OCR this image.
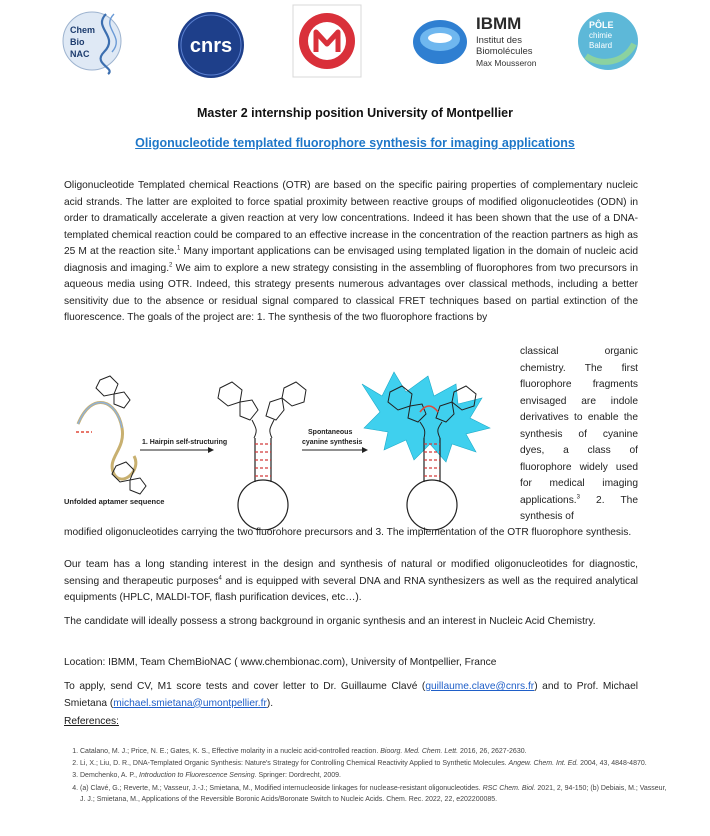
Chem
Bio
NAC	cnrs
IBMM
Institut des
Biomolécules
Max Mousseron
PÔLE
chimie
Balard
Master 2 internship position University of Montpellier
Oligonucleotide templated fluorophore synthesis for imaging applications
Oligonucleotide Templated chemical Reactions (OTR) are based on the specific pairing properties of complementary nucleic acid strands. The latter are exploited to force spatial proximity between reactive groups of modified oligonucleotides (ODN) in order to dramatically accelerate a given reaction at very low concentrations. Indeed it has been shown that the use of a DNA-templated chemical reaction could be compared to an effective increase in the concentration of the reaction partners as high as 25 M at the reaction site.$^1$ Many important applications can be envisaged using templated ligation in the domain of nucleic acid diagnosis and imaging.$^2$ We aim to explore a new strategy consisting in the assembling of fluorophores from two precursors in aqueous media using OTR. Indeed, this strategy presents numerous advantages over classical methods, including a better sensitivity due to the absence or residual signal compared to classical FRET techniques based on partial extinction of the fluorescence. The goals of the project are: 1. The synthesis of the two fluorophore fractions by
classical organic chemistry. The first fluorophore fragments envisaged are indole derivatives to enable the synthesis of cyanine dyes, a class of fluorophore widely used for medical imaging applications.$^3$ 2. The synthesis of
modified oligonucleotides carrying the two fluorohore precursors and 3. The implementation of the OTR fluorophore synthesis.
Our team has a long standing interest in the design and synthesis of natural or modified oligonucleotides for diagnostic, sensing and therapeutic purposes$^4$ and is equipped with several DNA and RNA synthesizers as well as the required analytical equipments (HPLC, MALDI-TOF, flash purification devices, etc…).
The candidate will ideally possess a strong background in organic synthesis and an interest in Nucleic Acid Chemistry.
Location: IBMM, Team ChemBioNAC ( www.chembionac.com), University of Montpellier, France
To apply, send CV, M1 score tests and cover letter to Dr. Guillaume Clavé (guillaume.clave@cnrs.fr) and to Prof. Michael Smietana (michael.smietana@umontpellier.fr).
Unfolded aptamer sequence
1. Hairpin self-structuring
Spontaneous
cyanine synthesis
References:
1. Catalano, M. J.; Price, N. E.; Gates, K. S., Effective molarity in a nucleic acid-controlled reaction. Bioorg. Med. Chem. Lett. 2016, 26, 2627-2630.
2. Li, X.; Liu, D. R., DNA-Templated Organic Synthesis: Nature's Strategy for Controlling Chemical Reactivity Applied to Synthetic Molecules. Angew. Chem. Int. Ed. 2004, 43, 4848-4870.
3. Demchenko, A. P., Introduction to Fluorescence Sensing. Springer: Dordrecht, 2009.
4. (a) Clavé, G.; Reverte, M.; Vasseur, J.-J.; Smietana, M., Modified internucleoside linkages for nuclease-resistant oligonucleotides. RSC Chem. Biol. 2021, 2, 94-150; (b) Debiais, M.; Vasseur, J. J.; Smietana, M., Applications of the Reversible Boronic Acids/Boronate Switch to Nucleic Acids. Chem. Rec. 2022, 22, e202200085.
